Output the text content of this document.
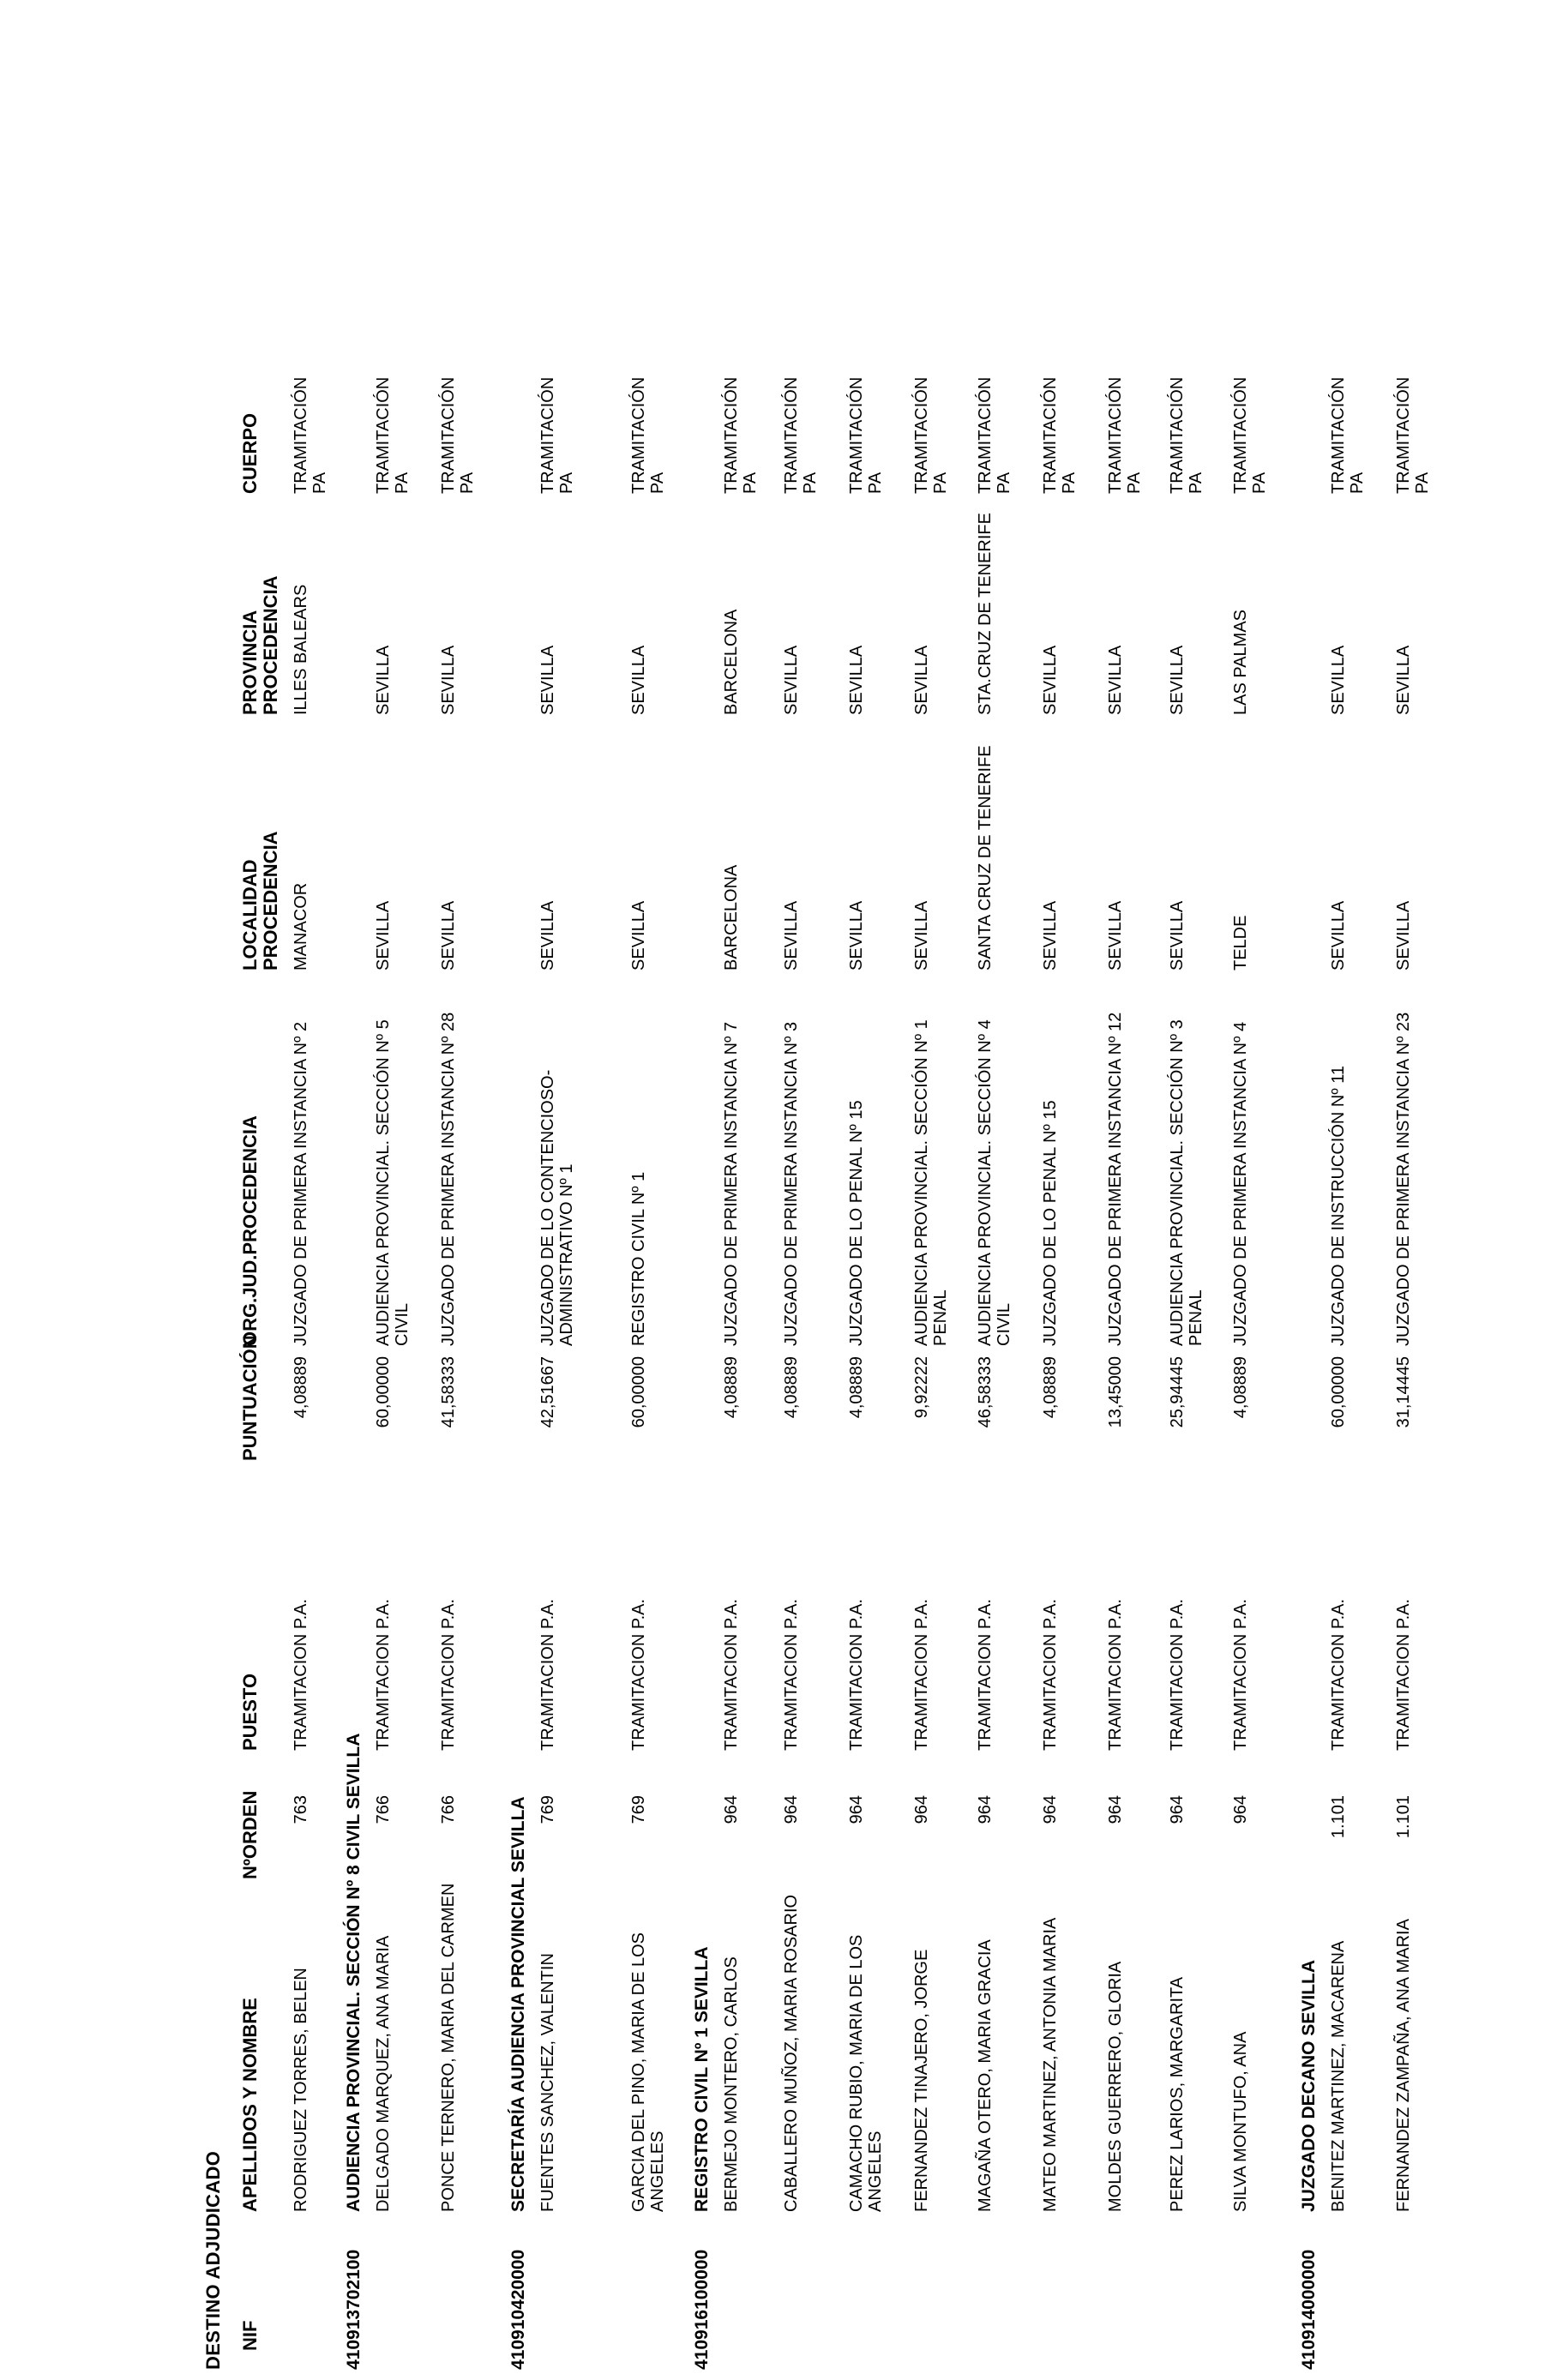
DESTINO ADJUDICADO NIF
APELLIDOS Y NOMBRE
NºORDEN
PUESTO
PUNTUACIÓN
ORG.JUD.PROCEDENCIA
LOCALIDAD PROCEDENCIA
PROVINCIA PROCEDENCIA
CUERPO
RODRIGUEZ TORRES, BELEN
763
TRAMITACION P.A.
4,08889
JUZGADO DE PRIMERA INSTANCIA Nº 2
MANACOR
ILLES BALEARS
TRAMITACIÓN PA
410913702100
AUDIENCIA PROVINCIAL. SECCIÓN Nº 8 CIVIL SEVILLA DELGADO MARQUEZ, ANA MARIA
766
TRAMITACION P.A.
60,00000
AUDIENCIA PROVINCIAL. SECCIÓN Nº 5 CIVIL
SEVILLA
SEVILLA
TRAMITACIÓN PA
PONCE TERNERO, MARIA DEL CARMEN
766
TRAMITACION P.A.
41,58333
JUZGADO DE PRIMERA INSTANCIA Nº 28
SEVILLA
SEVILLA
TRAMITACIÓN PA
410910420000
SECRETARÍA AUDIENCIA PROVINCIAL SEVILLA FUENTES SANCHEZ, VALENTIN
769
TRAMITACION P.A.
42,51667
JUZGADO DE LO CONTENCIOSO-ADMINISTRATIVO Nº 1
SEVILLA
SEVILLA
TRAMITACIÓN PA
GARCIA DEL PINO, MARIA DE LOS ANGELES
769
TRAMITACION P.A.
60,00000
REGISTRO CIVIL Nº 1
SEVILLA
SEVILLA
TRAMITACIÓN PA
410916100000
REGISTRO CIVIL Nº 1 SEVILLA BERMEJO MONTERO, CARLOS
964
TRAMITACION P.A.
4,08889
JUZGADO DE PRIMERA INSTANCIA Nº 7
BARCELONA
BARCELONA
TRAMITACIÓN PA
CABALLERO MUÑOZ, MARIA ROSARIO
964
TRAMITACION P.A.
4,08889
JUZGADO DE PRIMERA INSTANCIA Nº 3
SEVILLA
SEVILLA
TRAMITACIÓN PA
CAMACHO RUBIO, MARIA DE LOS ANGELES
964
TRAMITACION P.A.
4,08889
JUZGADO DE LO PENAL Nº 15
SEVILLA
SEVILLA
TRAMITACIÓN PA
FERNANDEZ TINAJERO, JORGE
964
TRAMITACION P.A.
9,92222
AUDIENCIA PROVINCIAL. SECCIÓN Nº 1 PENAL
SEVILLA
SEVILLA
TRAMITACIÓN PA
MAGAÑA OTERO, MARIA GRACIA
964
TRAMITACION P.A.
46,58333
AUDIENCIA PROVINCIAL. SECCIÓN Nº 4 CIVIL
SANTA CRUZ DE TENERIFE
STA.CRUZ DE TENERIFE
TRAMITACIÓN PA
MATEO MARTINEZ, ANTONIA MARIA
964
TRAMITACION P.A.
4,08889
JUZGADO DE LO PENAL Nº 15
SEVILLA
SEVILLA
TRAMITACIÓN PA
MOLDES GUERRERO, GLORIA
964
TRAMITACION P.A.
13,45000
JUZGADO DE PRIMERA INSTANCIA Nº 12
SEVILLA
SEVILLA
TRAMITACIÓN PA
PEREZ LARIOS, MARGARITA
964
TRAMITACION P.A.
25,94445
AUDIENCIA PROVINCIAL. SECCIÓN Nº 3 PENAL
SEVILLA
SEVILLA
TRAMITACIÓN PA
SILVA MONTUFO, ANA
964
TRAMITACION P.A.
4,08889
JUZGADO DE PRIMERA INSTANCIA Nº 4
TELDE
LAS PALMAS
TRAMITACIÓN PA
410914000000
JUZGADO DECANO SEVILLA BENITEZ MARTINEZ, MACARENA
1.101
TRAMITACION P.A.
60,00000
JUZGADO DE INSTRUCCIÓN Nº 11
SEVILLA
SEVILLA
TRAMITACIÓN PA
FERNANDEZ ZAMPAÑA, ANA MARIA
1.101
TRAMITACION P.A.
31,14445
JUZGADO DE PRIMERA INSTANCIA Nº 23
SEVILLA
SEVILLA
TRAMITACIÓN PA
